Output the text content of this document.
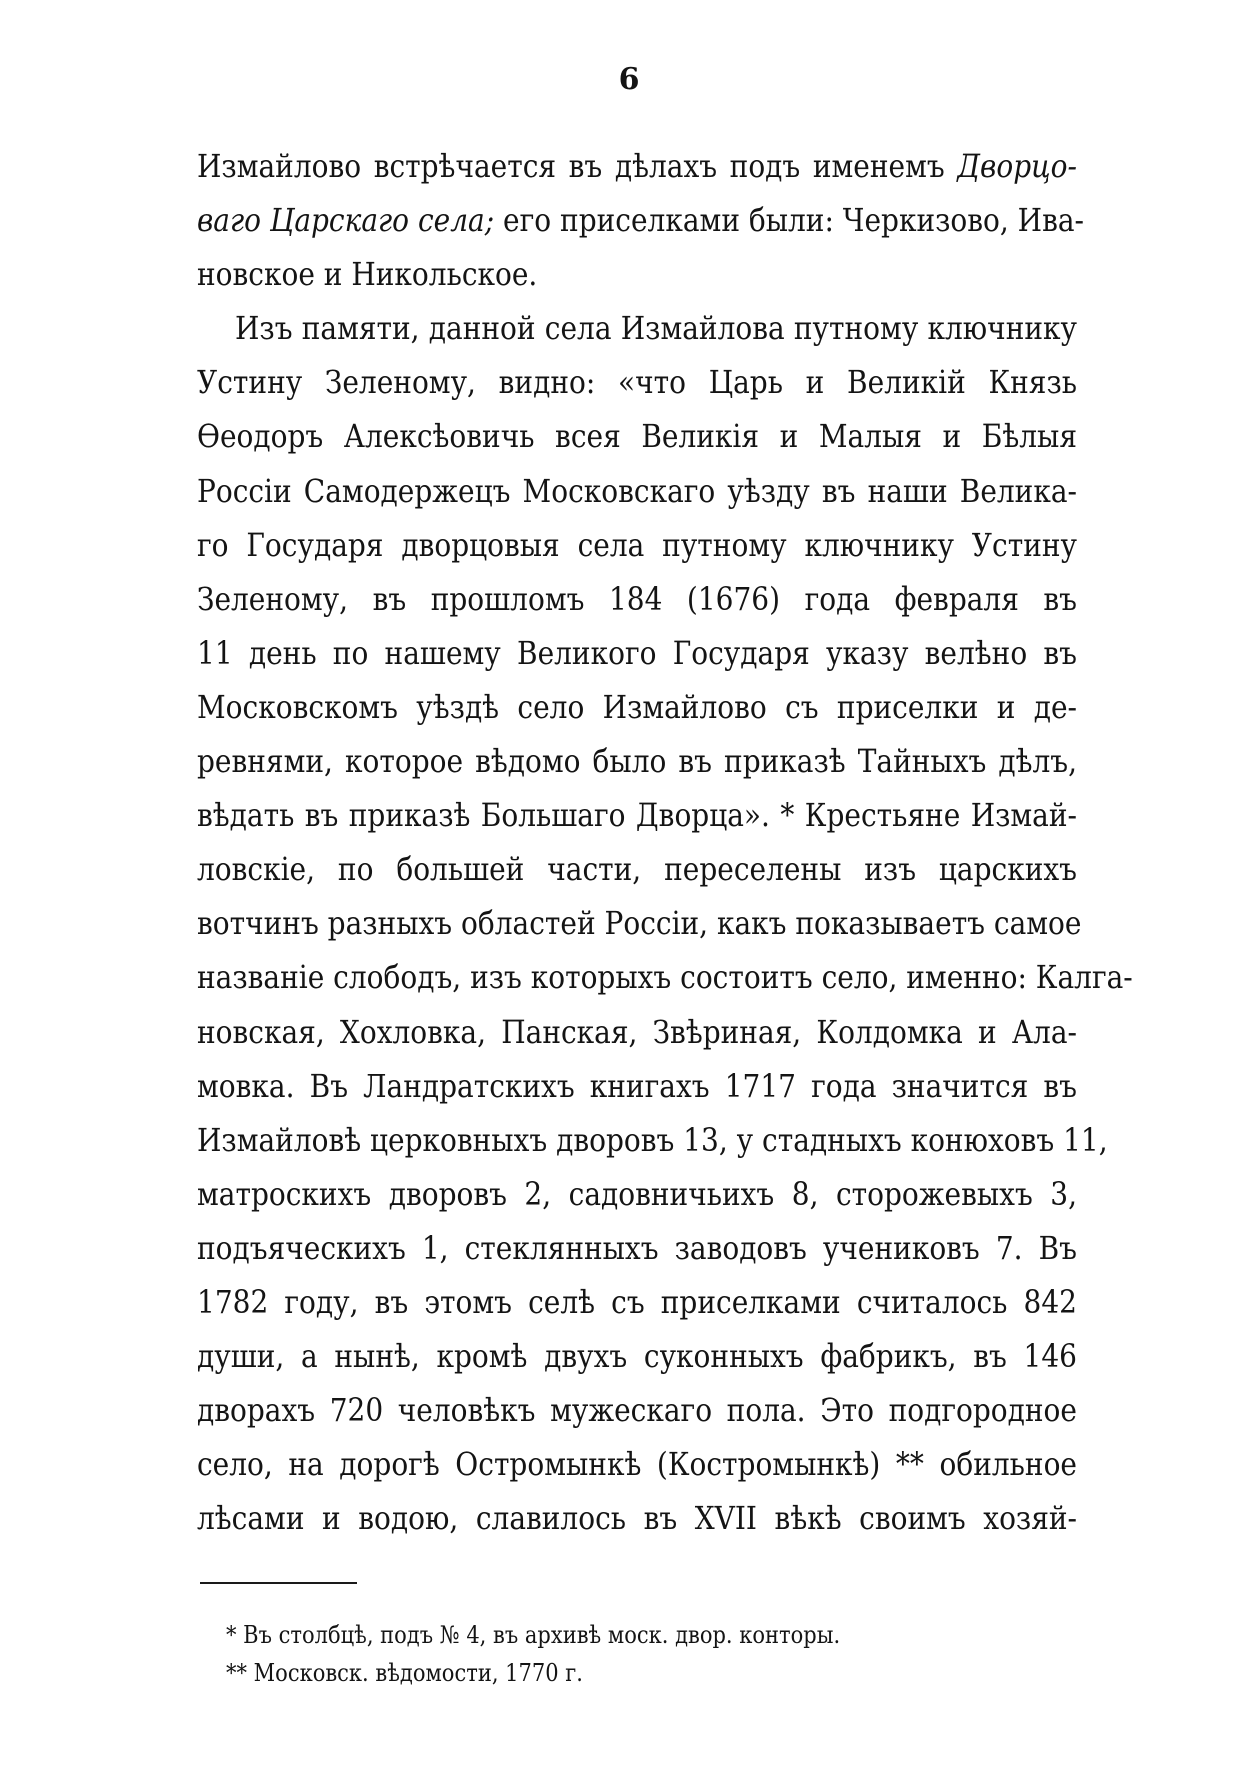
6
Измайлово встрѣчается въ дѣлахъ подъ именемъ Дворцо-
ваго Царскаго села; его приселками были: Черкизово, Ива-
новское и Никольское.
Изъ памяти, данной села Измайлова путному ключнику
Устину Зеленому, видно: «что Царь и Великій Князь
Ѳеодоръ Алексѣовичь всея Великія и Малыя и Бѣлыя
Россіи Самодержецъ Московскаго уѣзду въ наши Велика-
го Государя дворцовыя села путному ключнику Устину
Зеленому, въ прошломъ 184 (1676) года февраля въ
11 день по нашему Великого Государя указу велѣно въ
Московскомъ уѣздѣ село Измайлово съ приселки и де-
ревнями, которое вѣдомо было въ приказѣ Тайныхъ дѣлъ,
вѣдать въ приказѣ Большаго Дворца». * Крестьяне Измай-
ловскіе, по большей части, переселены изъ царскихъ
вотчинъ разныхъ областей Россіи, какъ показываетъ самое
названіе слободъ, изъ которыхъ состоитъ село, именно: Калга-
новская, Хохловка, Панская, Звѣриная, Колдомка и Ала-
мовка. Въ Ландратскихъ книгахъ 1717 года значится въ
Измайловѣ церковныхъ дворовъ 13, у стадныхъ конюховъ 11,
матроскихъ дворовъ 2, садовничьихъ 8, сторожевыхъ 3,
подъяческихъ 1, стеклянныхъ заводовъ учениковъ 7. Въ
1782 году, въ этомъ селѣ съ приселками считалось 842
души, а нынѣ, кромѣ двухъ суконныхъ фабрикъ, въ 146
дворахъ 720 человѣкъ мужескаго пола. Это подгородное
село, на дорогѣ Остромынкѣ (Костромынкѣ) ** обильное
лѣсами и водою, славилось въ XVII вѣкѣ своимъ хозяй-
* Въ столбцѣ, подъ № 4, въ архивѣ моск. двор. конторы.
** Московск. вѣдомости, 1770 г.
